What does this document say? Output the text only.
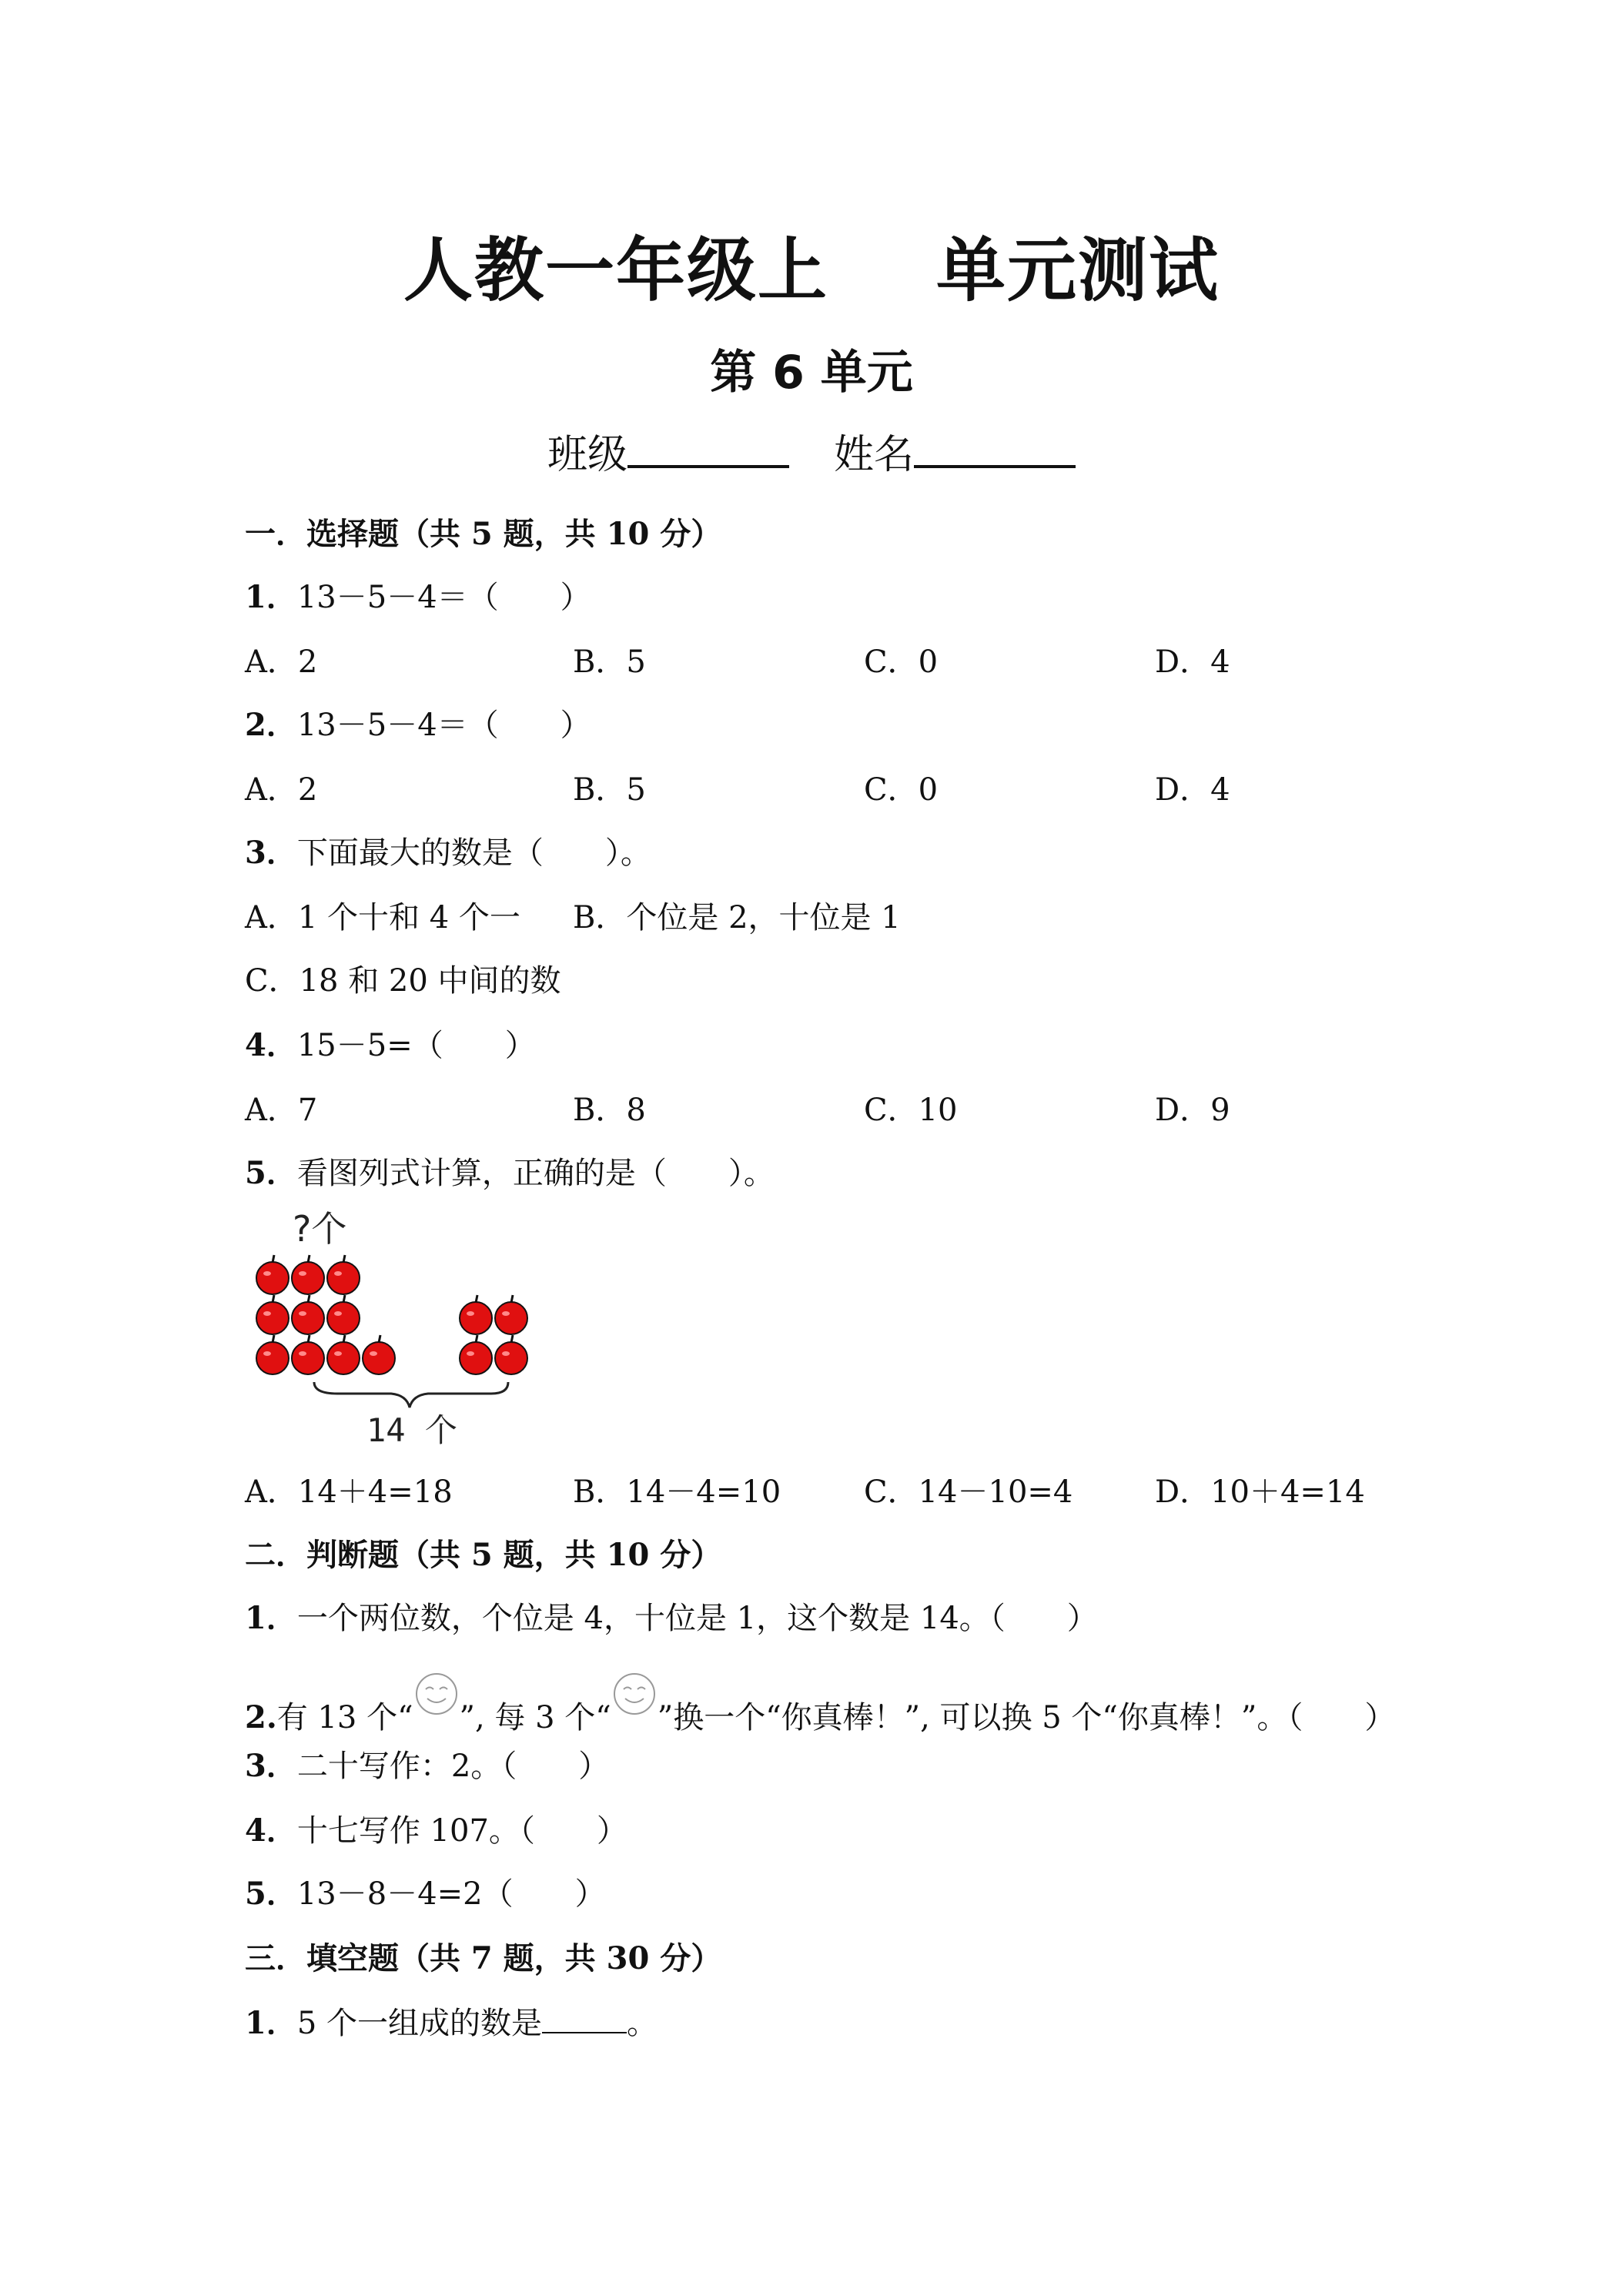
人教一年级上 单元测试
第 6 单元
班级	姓名
一．选择题（共 5 题，共 10 分）
1．13－5－4＝（　　）
A．2	B．5	C．0	D．4
2．13－5－4＝（　　）
A．2	B．5	C．0	D．4
3．下面最大的数是（　　）。
A．1 个十和 4 个一 B．个位是 2，十位是 1
C．18 和 20 中间的数
4．15－5=（　　）
A．7	B．8	C．10	D．9
5．看图列式计算，正确的是（　　）。
?个
14 个
A．14＋4=18	B．14－4=10	C．14－10=4	D．10＋4=14
二．判断题（共 5 题，共 10 分）
1．一个两位数，个位是 4，十位是 1，这个数是 14。（　　）
2.有 13 个“ ”, 每 3 个“ ”换一个“你真棒！”, 可以换 5 个“你真棒！”。（　　）
3．二十写作：2。（　　）
4．十七写作 107。（　　）
5．13－8－4=2（　　）
三．填空题（共 7 题，共 30 分）
1．5 个一组成的数是	。
